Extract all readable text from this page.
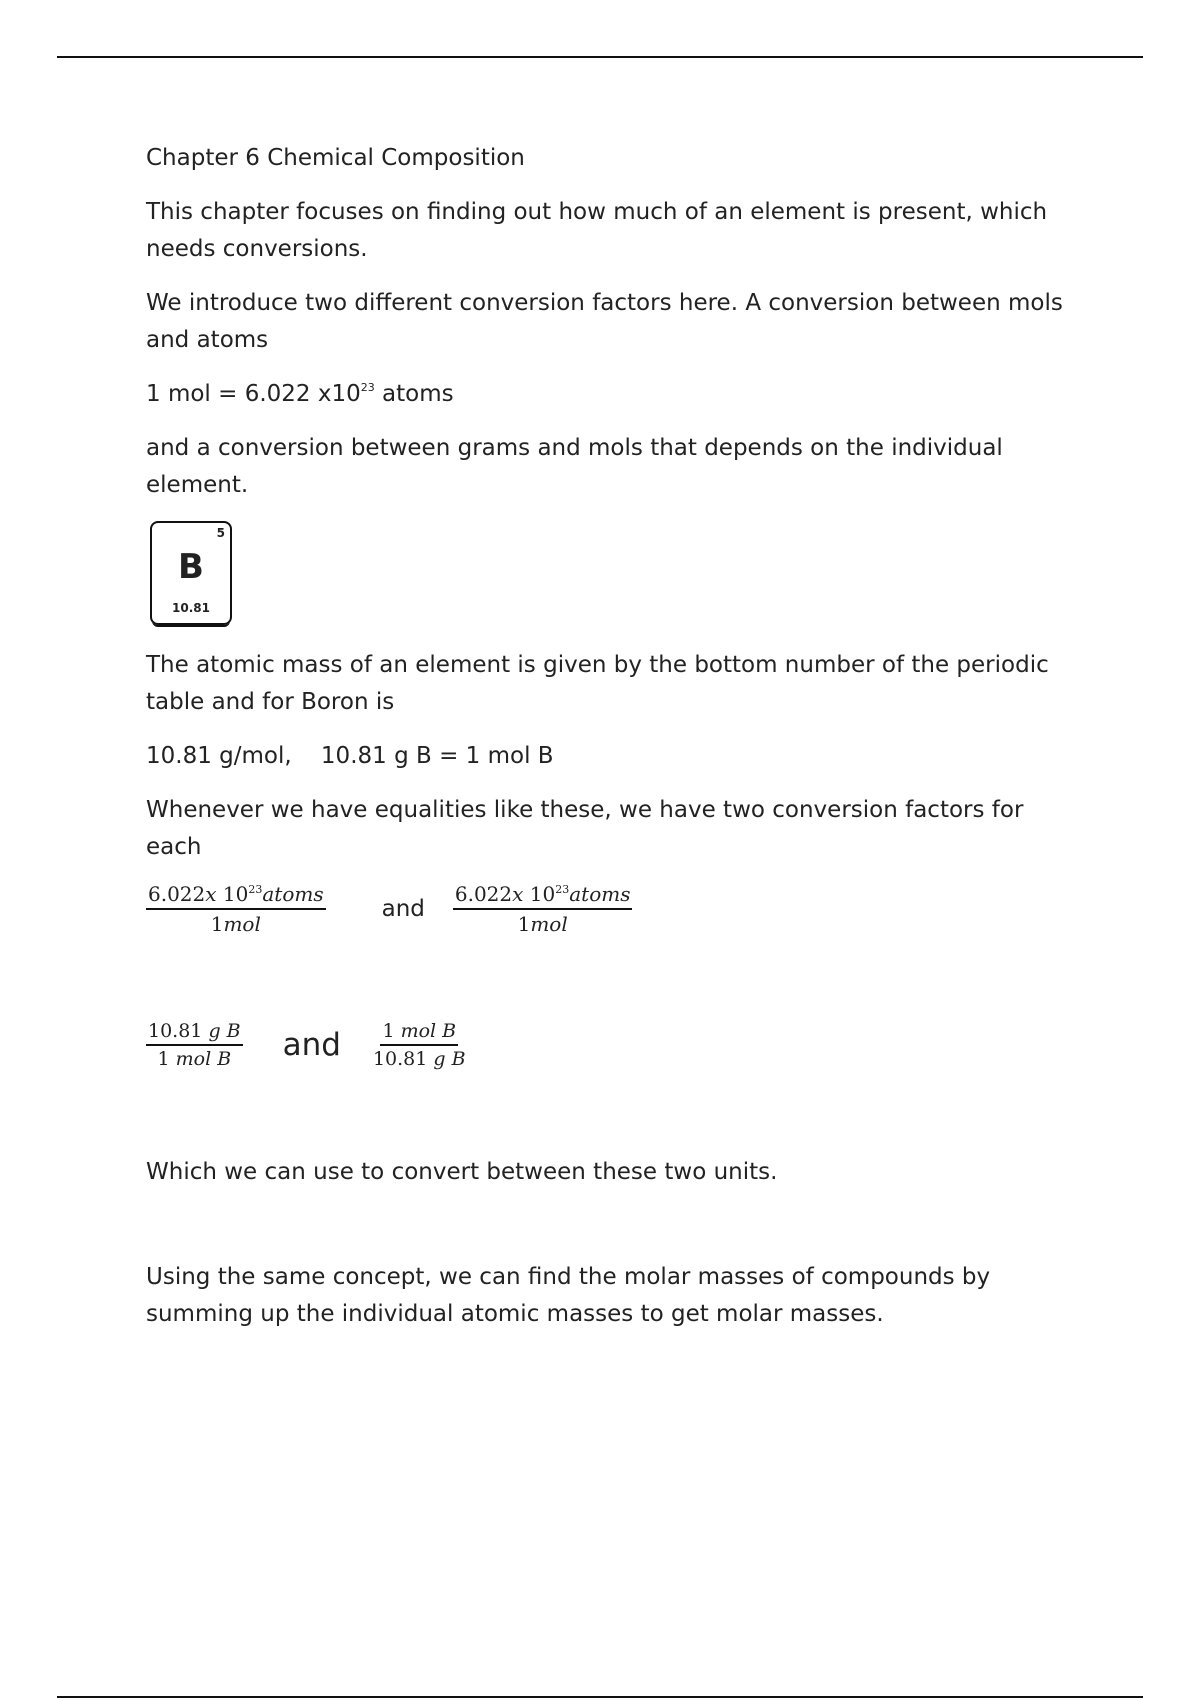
Chapter 6 Chemical Composition

This chapter focuses on finding out how much of an element is present, which needs conversions.

We introduce two different conversion factors here. A conversion between mols and atoms

1 mol = 6.022 $x10^{23}$ atoms

and a conversion between grams and mols that depends on the individual element.

5
B
10.81

The atomic mass of an element is given by the bottom number of the periodic table and for Boron is

10.81 g/mol,    10.81 g B = 1 mol B

Whenever we have equalities like these, we have two conversion factors for each

$\frac{6.022x 10^{23}atoms}{\text{1mol}}$ and $\frac{6.022x 10^{23}atoms}{\text{1mol}}$
$\frac{\text{10.81 g B}}{\text{1 mol B}}$ and $\frac{\text{1 mol B}}{\text{10.81 g B}}$

Which we can use to convert between these two units.

Using the same concept, we can find the molar masses of compounds by summing up the individual atomic masses to get molar masses.
